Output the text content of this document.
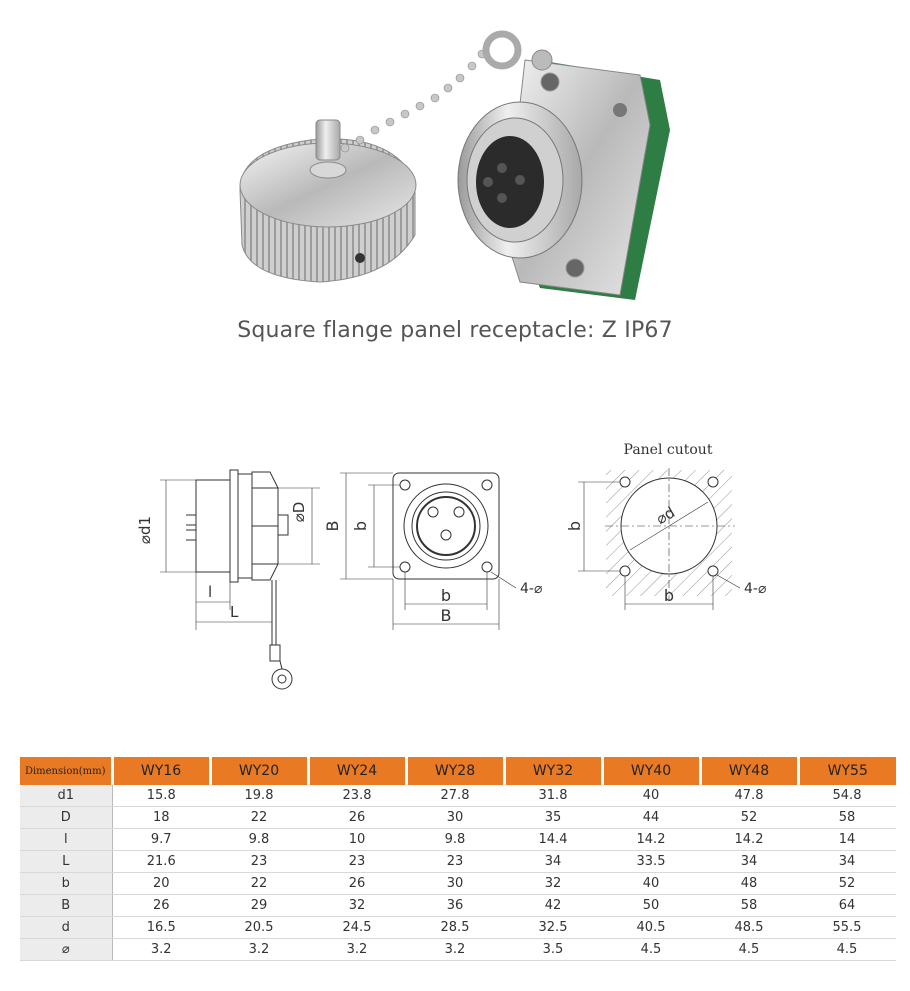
Square flange panel receptacle: Z IP67
⌀d1
⌀D
l
L
B b
b
B
4-⌀
Panel cutout
⌀d
b
b	4-⌀
Dimension(mm)	WY16	WY20	WY24	WY28	WY32	WY40	WY48	WY55
d1	15.8	19.8	23.8	27.8	31.8	40	47.8	54.8
D	18	22	26	30	35	44	52	58
l	9.7	9.8	10	9.8	14.4	14.2	14.2	14
L	21.6	23	23	23	34	33.5	34	34
b	20	22	26	30	32	40	48	52
B	26	29	32	36	42	50	58	64
d	16.5	20.5	24.5	28.5	32.5	40.5	48.5	55.5
⌀	3.2	3.2	3.2	3.2	3.5	4.5	4.5	4.5
